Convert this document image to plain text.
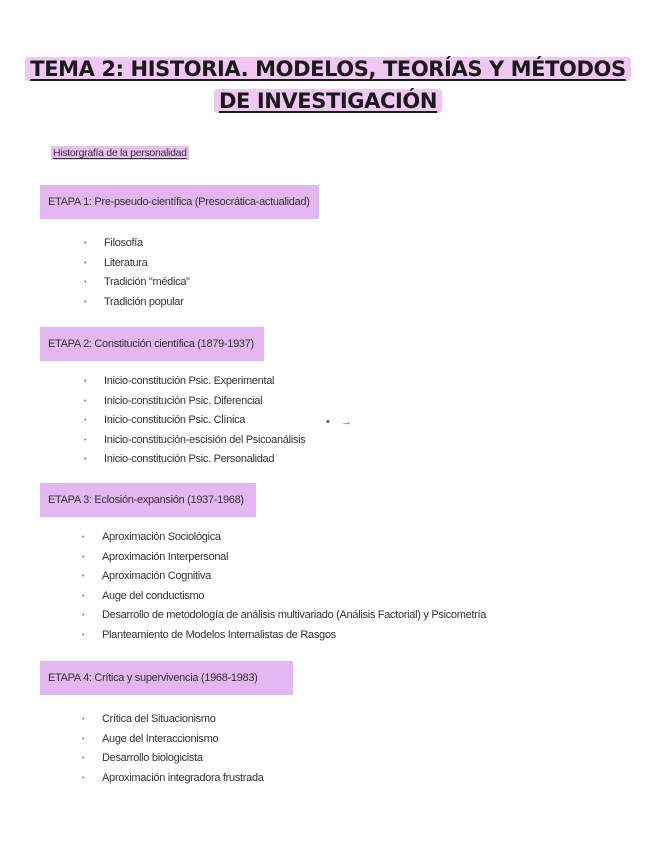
TEMA 2: HISTORIA. MODELOS, TEORÍAS Y MÉTODOS
DE INVESTIGACIÓN
Historgrafía de la personalidad
ETAPA 1: Pre-pseudo-científica (Presocrática-actualidad)
• Filosofía
• Literatura
• Tradición "médica"
• Tradición popular
ETAPA 2: Constitución científica (1879-1937)
• Inicio-constitución Psic. Experimental
• Inicio-constitución Psic. Diferencial
• Inicio-constitución Psic. Clínica
• Inicio-constitución-escisión del Psicoanálisis
• Inicio-constitución Psic. Personalidad
• →
ETAPA 3: Eclosión-expansión (1937-1968)
• Aproximación Sociológica
• Aproximación Interpersonal
• Aproximación Cognitiva
• Auge del conductismo
• Desarrollo de metodología de análisis multivariado (Análisis Factorial) y Psicometría
• Planteamiento de Modelos Internalistas de Rasgos
ETAPA 4: Crítica y supervivencia (1968-1983)
• Crítica del Situacionismo
• Auge del Interaccionismo
• Desarrollo biologicista
• Aproximación integradora frustrada
